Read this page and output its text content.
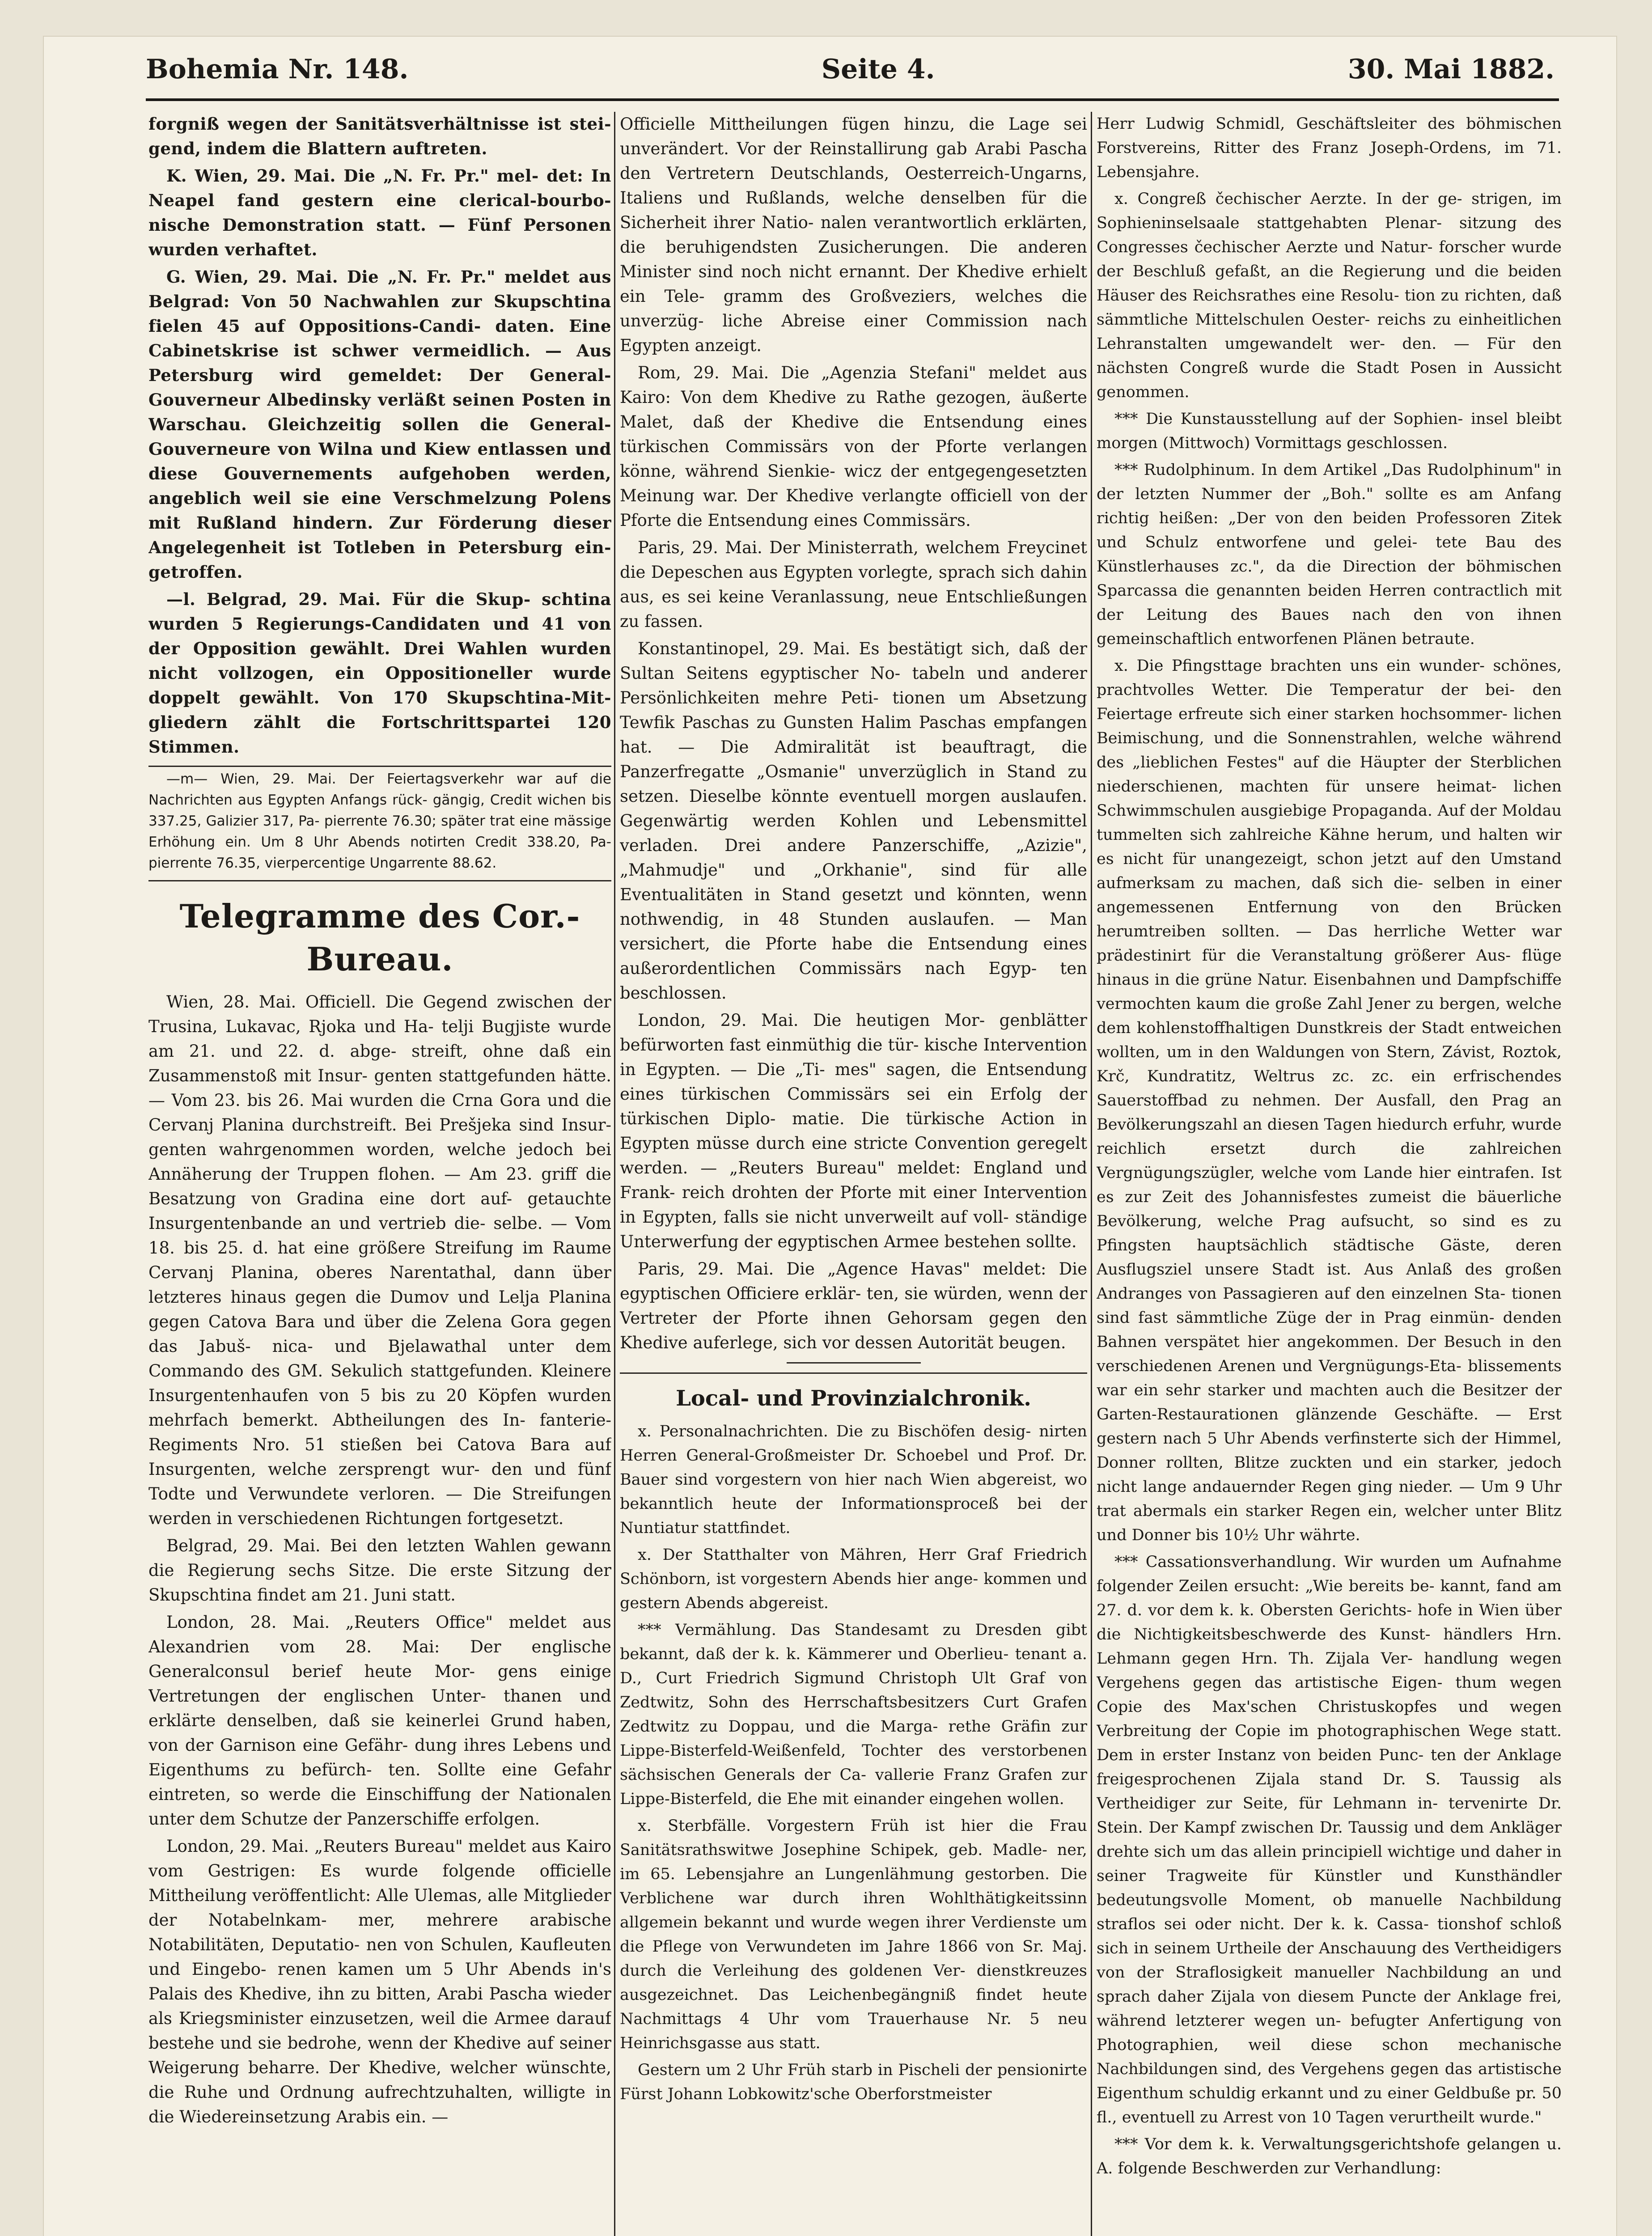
Bohemia Nr. 148.	Seite 4.	30. Mai 1882.

forgniß wegen der Sanitätsverhältnisse ist stei- gend, indem die Blattern auftreten.

K. Wien, 29. Mai. Die „N. Fr. Pr." mel- det: In Neapel fand gestern eine clerical-bourbo- nische Demonstration statt. — Fünf Personen wurden verhaftet.

G. Wien, 29. Mai. Die „N. Fr. Pr." meldet aus Belgrad: Von 50 Nachwahlen zur Skupschtina fielen 45 auf Oppositions-Candi- daten. Eine Cabinetskrise ist schwer vermeidlich. — Aus Petersburg wird gemeldet: Der General- Gouverneur Albedinsky verläßt seinen Posten in Warschau. Gleichzeitig sollen die General- Gouverneure von Wilna und Kiew entlassen und diese Gouvernements aufgehoben werden, angeblich weil sie eine Verschmelzung Polens mit Rußland hindern. Zur Förderung dieser Angelegenheit ist Totleben in Petersburg ein- getroffen.

—l. Belgrad, 29. Mai. Für die Skup- schtina wurden 5 Regierungs-Candidaten und 41 von der Opposition gewählt. Drei Wahlen wurden nicht vollzogen, ein Oppositioneller wurde doppelt gewählt. Von 170 Skupschtina-Mit- gliedern zählt die Fortschrittspartei 120 Stimmen.

—m— Wien, 29. Mai. Der Feiertagsverkehr war auf die Nachrichten aus Egypten Anfangs rück- gängig, Credit wichen bis 337.25, Galizier 317, Pa- pierrente 76.30; später trat eine mässige Erhöhung ein. Um 8 Uhr Abends notirten Credit 338.20, Pa- pierrente 76.35, vierpercentige Ungarrente 88.62.

Telegramme des Cor.-Bureau.

Wien, 28. Mai. Officiell. Die Gegend zwischen der Trusina, Lukavac, Rjoka und Ha- telji Bugjiste wurde am 21. und 22. d. abge- streift, ohne daß ein Zusammenstoß mit Insur- genten stattgefunden hätte. — Vom 23. bis 26. Mai wurden die Crna Gora und die Cervanj Planina durchstreift. Bei Prešjeka sind Insur- genten wahrgenommen worden, welche jedoch bei Annäherung der Truppen flohen. — Am 23. griff die Besatzung von Gradina eine dort auf- getauchte Insurgentenbande an und vertrieb die- selbe. — Vom 18. bis 25. d. hat eine größere Streifung im Raume Cervanj Planina, oberes Narentathal, dann über letzteres hinaus gegen die Dumov und Lelja Planina gegen Catova Bara und über die Zelena Gora gegen das Jabuš- nica- und Bjelawathal unter dem Commando des GM. Sekulich stattgefunden. Kleinere Insurgentenhaufen von 5 bis zu 20 Köpfen wurden mehrfach bemerkt. Abtheilungen des In- fanterie-Regiments Nro. 51 stießen bei Catova Bara auf Insurgenten, welche zersprengt wur- den und fünf Todte und Verwundete verloren. — Die Streifungen werden in verschiedenen Richtungen fortgesetzt.

Belgrad, 29. Mai. Bei den letzten Wahlen gewann die Regierung sechs Sitze. Die erste Sitzung der Skupschtina findet am 21. Juni statt.

London, 28. Mai. „Reuters Office" meldet aus Alexandrien vom 28. Mai: Der englische Generalconsul berief heute Mor- gens einige Vertretungen der englischen Unter- thanen und erklärte denselben, daß sie keinerlei Grund haben, von der Garnison eine Gefähr- dung ihres Lebens und Eigenthums zu befürch- ten. Sollte eine Gefahr eintreten, so werde die Einschiffung der Nationalen unter dem Schutze der Panzerschiffe erfolgen.

London, 29. Mai. „Reuters Bureau" meldet aus Kairo vom Gestrigen: Es wurde folgende officielle Mittheilung veröffentlicht: Alle Ulemas, alle Mitglieder der Notabelnkam- mer, mehrere arabische Notabilitäten, Deputatio- nen von Schulen, Kaufleuten und Eingebo- renen kamen um 5 Uhr Abends in's Palais des Khedive, ihn zu bitten, Arabi Pascha wieder als Kriegsminister einzusetzen, weil die Armee darauf bestehe und sie bedrohe, wenn der Khedive auf seiner Weigerung beharre. Der Khedive, welcher wünschte, die Ruhe und Ordnung aufrechtzuhalten, willigte in die Wiedereinsetzung Arabis ein. —

Officielle Mittheilungen fügen hinzu, die Lage sei unverändert. Vor der Reinstallirung gab Arabi Pascha den Vertretern Deutschlands, Oesterreich-Ungarns, Italiens und Rußlands, welche denselben für die Sicherheit ihrer Natio- nalen verantwortlich erklärten, die beruhigendsten Zusicherungen. Die anderen Minister sind noch nicht ernannt. Der Khedive erhielt ein Tele- gramm des Großveziers, welches die unverzüg- liche Abreise einer Commission nach Egypten anzeigt.

Rom, 29. Mai. Die „Agenzia Stefani" meldet aus Kairo: Von dem Khedive zu Rathe gezogen, äußerte Malet, daß der Khedive die Entsendung eines türkischen Commissärs von der Pforte verlangen könne, während Sienkie- wicz der entgegengesetzten Meinung war. Der Khedive verlangte officiell von der Pforte die Entsendung eines Commissärs.

Paris, 29. Mai. Der Ministerrath, welchem Freycinet die Depeschen aus Egypten vorlegte, sprach sich dahin aus, es sei keine Veranlassung, neue Entschließungen zu fassen.

Konstantinopel, 29. Mai. Es bestätigt sich, daß der Sultan Seitens egyptischer No- tabeln und anderer Persönlichkeiten mehre Peti- tionen um Absetzung Tewfik Paschas zu Gunsten Halim Paschas empfangen hat. — Die Admiralität ist beauftragt, die Panzerfregatte „Osmanie" unverzüglich in Stand zu setzen. Dieselbe könnte eventuell morgen auslaufen. Gegenwärtig werden Kohlen und Lebensmittel verladen. Drei andere Panzerschiffe, „Azizie", „Mahmudje" und „Orkhanie", sind für alle Eventualitäten in Stand gesetzt und könnten, wenn nothwendig, in 48 Stunden auslaufen. — Man versichert, die Pforte habe die Entsendung eines außerordentlichen Commissärs nach Egyp- ten beschlossen.

London, 29. Mai. Die heutigen Mor- genblätter befürworten fast einmüthig die tür- kische Intervention in Egypten. — Die „Ti- mes" sagen, die Entsendung eines türkischen Commissärs sei ein Erfolg der türkischen Diplo- matie. Die türkische Action in Egypten müsse durch eine stricte Convention geregelt werden. — „Reuters Bureau" meldet: England und Frank- reich drohten der Pforte mit einer Intervention in Egypten, falls sie nicht unverweilt auf voll- ständige Unterwerfung der egyptischen Armee bestehen sollte.

Paris, 29. Mai. Die „Agence Havas" meldet: Die egyptischen Officiere erklär- ten, sie würden, wenn der Vertreter der Pforte ihnen Gehorsam gegen den Khedive auferlege, sich vor dessen Autorität beugen.

Local- und Provinzialchronik.

x. Personalnachrichten. Die zu Bischöfen desig- nirten Herren General-Großmeister Dr. Schoebel und Prof. Dr. Bauer sind vorgestern von hier nach Wien abgereist, wo bekanntlich heute der Informationsproceß bei der Nuntiatur stattfindet.

x. Der Statthalter von Mähren, Herr Graf Friedrich Schönborn, ist vorgestern Abends hier ange- kommen und gestern Abends abgereist.

*** Vermählung. Das Standesamt zu Dresden gibt bekannt, daß der k. k. Kämmerer und Oberlieu- tenant a. D., Curt Friedrich Sigmund Christoph Ult Graf von Zedtwitz, Sohn des Herrschaftsbesitzers Curt Grafen Zedtwitz zu Doppau, und die Marga- rethe Gräfin zur Lippe-Bisterfeld-Weißenfeld, Tochter des verstorbenen sächsischen Generals der Ca- vallerie Franz Grafen zur Lippe-Bisterfeld, die Ehe mit einander eingehen wollen.

x. Sterbfälle. Vorgestern Früh ist hier die Frau Sanitätsrathswitwe Josephine Schipek, geb. Madle- ner, im 65. Lebensjahre an Lungenlähmung gestorben. Die Verblichene war durch ihren Wohlthätigkeitssinn allgemein bekannt und wurde wegen ihrer Verdienste um die Pflege von Verwundeten im Jahre 1866 von Sr. Maj. durch die Verleihung des goldenen Ver- dienstkreuzes ausgezeichnet. Das Leichenbegängniß findet heute Nachmittags 4 Uhr vom Trauerhause Nr. 5 neu Heinrichsgasse aus statt.

Gestern um 2 Uhr Früh starb in Pischeli der pensionirte Fürst Johann Lobkowitz'sche Oberforstmeister

Herr Ludwig Schmidl, Geschäftsleiter des böhmischen Forstvereins, Ritter des Franz Joseph-Ordens, im 71. Lebensjahre.

x. Congreß čechischer Aerzte. In der ge- strigen, im Sophieninselsaale stattgehabten Plenar- sitzung des Congresses čechischer Aerzte und Natur- forscher wurde der Beschluß gefaßt, an die Regierung und die beiden Häuser des Reichsrathes eine Resolu- tion zu richten, daß sämmtliche Mittelschulen Oester- reichs zu einheitlichen Lehranstalten umgewandelt wer- den. — Für den nächsten Congreß wurde die Stadt Posen in Aussicht genommen.

*** Die Kunstausstellung auf der Sophien- insel bleibt morgen (Mittwoch) Vormittags geschlossen.

*** Rudolphinum. In dem Artikel „Das Rudolphinum" in der letzten Nummer der „Boh." sollte es am Anfang richtig heißen: „Der von den beiden Professoren Zitek und Schulz entworfene und gelei- tete Bau des Künstlerhauses zc.", da die Direction der böhmischen Sparcassa die genannten beiden Herren contractlich mit der Leitung des Baues nach den von ihnen gemeinschaftlich entworfenen Plänen betraute.

x. Die Pfingsttage brachten uns ein wunder- schönes, prachtvolles Wetter. Die Temperatur der bei- den Feiertage erfreute sich einer starken hochsommer- lichen Beimischung, und die Sonnenstrahlen, welche während des „lieblichen Festes" auf die Häupter der Sterblichen niederschienen, machten für unsere heimat- lichen Schwimmschulen ausgiebige Propaganda. Auf der Moldau tummelten sich zahlreiche Kähne herum, und halten wir es nicht für unangezeigt, schon jetzt auf den Umstand aufmerksam zu machen, daß sich die- selben in einer angemessenen Entfernung von den Brücken herumtreiben sollten. — Das herrliche Wetter war prädestinirt für die Veranstaltung größerer Aus- flüge hinaus in die grüne Natur. Eisenbahnen und Dampfschiffe vermochten kaum die große Zahl Jener zu bergen, welche dem kohlenstoffhaltigen Dunstkreis der Stadt entweichen wollten, um in den Waldungen von Stern, Závist, Roztok, Krč, Kundratitz, Weltrus zc. zc. ein erfrischendes Sauerstoffbad zu nehmen. Der Ausfall, den Prag an Bevölkerungszahl an diesen Tagen hiedurch erfuhr, wurde reichlich ersetzt durch die zahlreichen Vergnügungszügler, welche vom Lande hier eintrafen. Ist es zur Zeit des Johannisfestes zumeist die bäuerliche Bevölkerung, welche Prag aufsucht, so sind es zu Pfingsten hauptsächlich städtische Gäste, deren Ausflugsziel unsere Stadt ist. Aus Anlaß des großen Andranges von Passagieren auf den einzelnen Sta- tionen sind fast sämmtliche Züge der in Prag einmün- denden Bahnen verspätet hier angekommen. Der Besuch in den verschiedenen Arenen und Vergnügungs-Eta- blissements war ein sehr starker und machten auch die Besitzer der Garten-Restaurationen glänzende Geschäfte. — Erst gestern nach 5 Uhr Abends verfinsterte sich der Himmel, Donner rollten, Blitze zuckten und ein starker, jedoch nicht lange andauernder Regen ging nieder. — Um 9 Uhr trat abermals ein starker Regen ein, welcher unter Blitz und Donner bis 10½ Uhr währte.

*** Cassationsverhandlung. Wir wurden um Aufnahme folgender Zeilen ersucht: „Wie bereits be- kannt, fand am 27. d. vor dem k. k. Obersten Gerichts- hofe in Wien über die Nichtigkeitsbeschwerde des Kunst- händlers Hrn. Lehmann gegen Hrn. Th. Zijala Ver- handlung wegen Vergehens gegen das artistische Eigen- thum wegen Copie des Max'schen Christuskopfes und wegen Verbreitung der Copie im photographischen Wege statt. Dem in erster Instanz von beiden Punc- ten der Anklage freigesprochenen Zijala stand Dr. S. Taussig als Vertheidiger zur Seite, für Lehmann in- tervenirte Dr. Stein. Der Kampf zwischen Dr. Taussig und dem Ankläger drehte sich um das allein principiell wichtige und daher in seiner Tragweite für Künstler und Kunsthändler bedeutungsvolle Moment, ob manuelle Nachbildung straflos sei oder nicht. Der k. k. Cassa- tionshof schloß sich in seinem Urtheile der Anschauung des Vertheidigers von der Straflosigkeit manueller Nachbildung an und sprach daher Zijala von diesem Puncte der Anklage frei, während letzterer wegen un- befugter Anfertigung von Photographien, weil diese schon mechanische Nachbildungen sind, des Vergehens gegen das artistische Eigenthum schuldig erkannt und zu einer Geldbuße pr. 50 fl., eventuell zu Arrest von 10 Tagen verurtheilt wurde."

*** Vor dem k. k. Verwaltungsgerichtshofe gelangen u. A. folgende Beschwerden zur Verhandlung:
